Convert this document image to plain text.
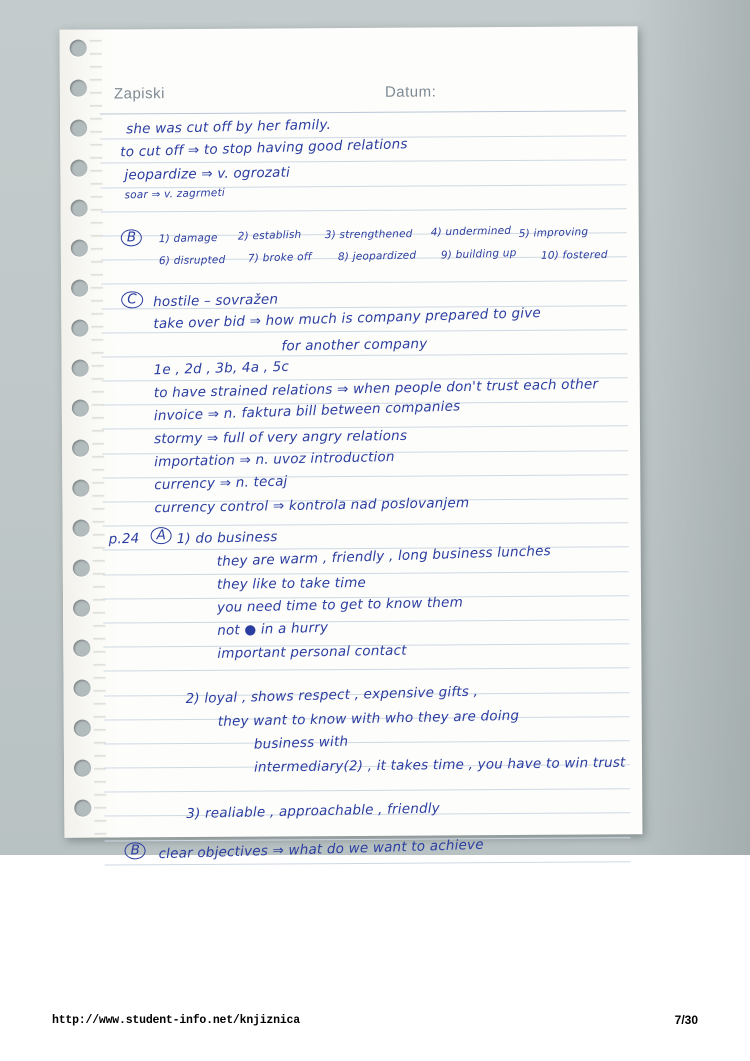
Zapiski	Datum:
she was cut off by her family.
to cut off ⇒ to stop having good relations
jeopardize ⇒ v. ogrozati
soar ⇒ v. zagrmeti
1) damage 2) establish 3) strengthened 4) undermined 5) improving
6) disrupted 7) broke off 8) jeopardized 9) building up 10) fostered
hostile – sovražen
take over bid ⇒ how much is company prepared to give
for another company
1e , 2d , 3b, 4a , 5c
to have strained relations ⇒ when people don't trust each other
invoice ⇒ n. faktura bill between companies
stormy ⇒ full of very angry relations
importation ⇒ n. uvoz introduction
currency ⇒ n. tecaj
currency control ⇒ kontrola nad poslovanjem
p.24	1) do business
they are warm , friendly , long business lunches
they like to take time
you need time to get to know them
not ● in a hurry
important personal contact
2) loyal , shows respect , expensive gifts ,
they want to know with who they are doing
business with
intermediary(2) , it takes time , you have to win trust
3) realiable , approachable , friendly
clear objectives ⇒ what do we want to achieve
B
C
A
B
http://www.student-info.net/knjiznica	7/30
